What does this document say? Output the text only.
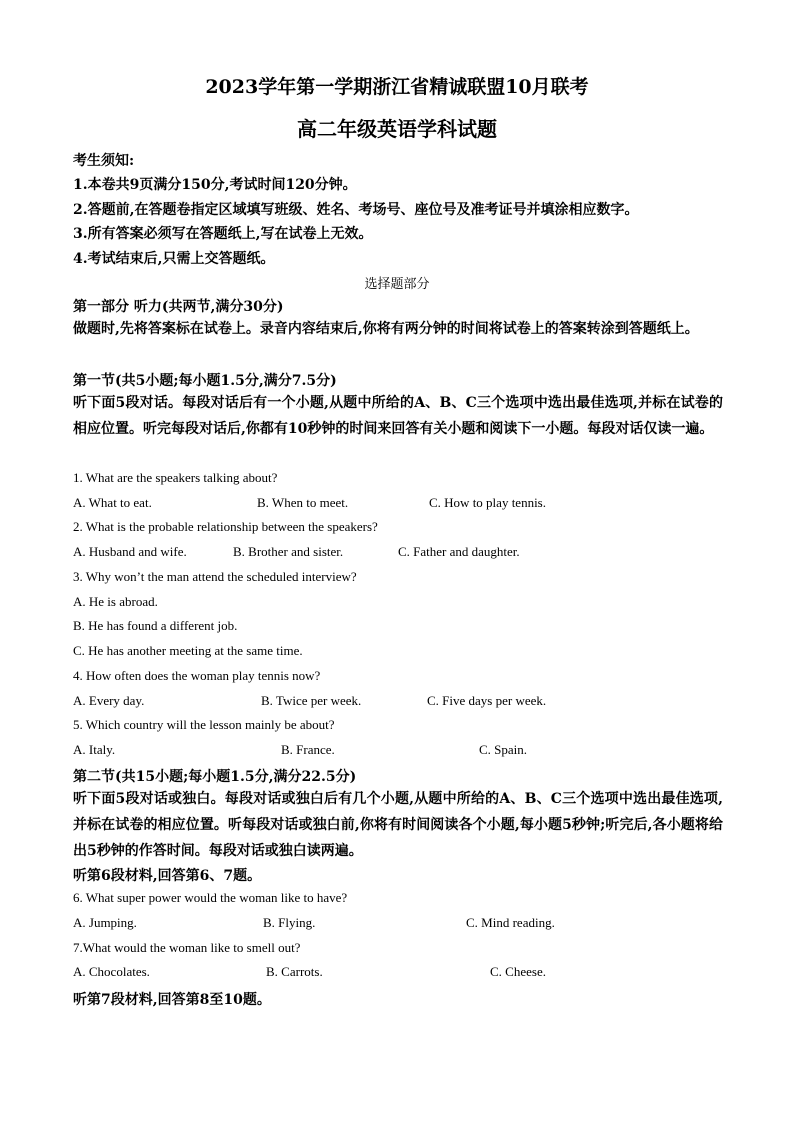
2023学年第一学期浙江省精诚联盟10月联考
高二年级英语学科试题
考生须知:
1.本卷共9页满分150分,考试时间120分钟。
2.答题前,在答题卷指定区域填写班级、姓名、考场号、座位号及准考证号并填涂相应数字。
3.所有答案必须写在答题纸上,写在试卷上无效。
4.考试结束后,只需上交答题纸。
选择题部分
第一部分 听力(共两节,满分30分)
做题时,先将答案标在试卷上。录音内容结束后,你将有两分钟的时间将试卷上的答案转涂到答题纸上。
第一节(共5小题;每小题1.5分,满分7.5分)
听下面5段对话。每段对话后有一个小题,从题中所给的A、B、C三个选项中选出最佳选项,并标在试卷的相应位置。听完每段对话后,你都有10秒钟的时间来回答有关小题和阅读下一小题。每段对话仅读一遍。
1. What are the speakers talking about?
A. What to eat.	B. When to meet.	C. How to play tennis.
2. What is the probable relationship between the speakers?
A. Husband and wife.	B. Brother and sister.	C. Father and daughter.
3. Why won’t the man attend the scheduled interview?
A. He is abroad.
B. He has found a different job.
C. He has another meeting at the same time.
4. How often does the woman play tennis now?
A. Every day.	B. Twice per week.	C. Five days per week.
5. Which country will the lesson mainly be about?
A. Italy.	B. France.	C. Spain.
第二节(共15小题;每小题1.5分,满分22.5分)
听下面5段对话或独白。每段对话或独白后有几个小题,从题中所给的A、B、C三个选项中选出最佳选项,并标在试卷的相应位置。听每段对话或独白前,你将有时间阅读各个小题,每小题5秒钟;听完后,各小题将给出5秒钟的作答时间。每段对话或独白读两遍。
听第6段材料,回答第6、7题。
6. What super power would the woman like to have?
A. Jumping.	B. Flying.	C. Mind reading.
7.What would the woman like to smell out?
A. Chocolates.	B. Carrots.	C. Cheese.
听第7段材料,回答第8至10题。
